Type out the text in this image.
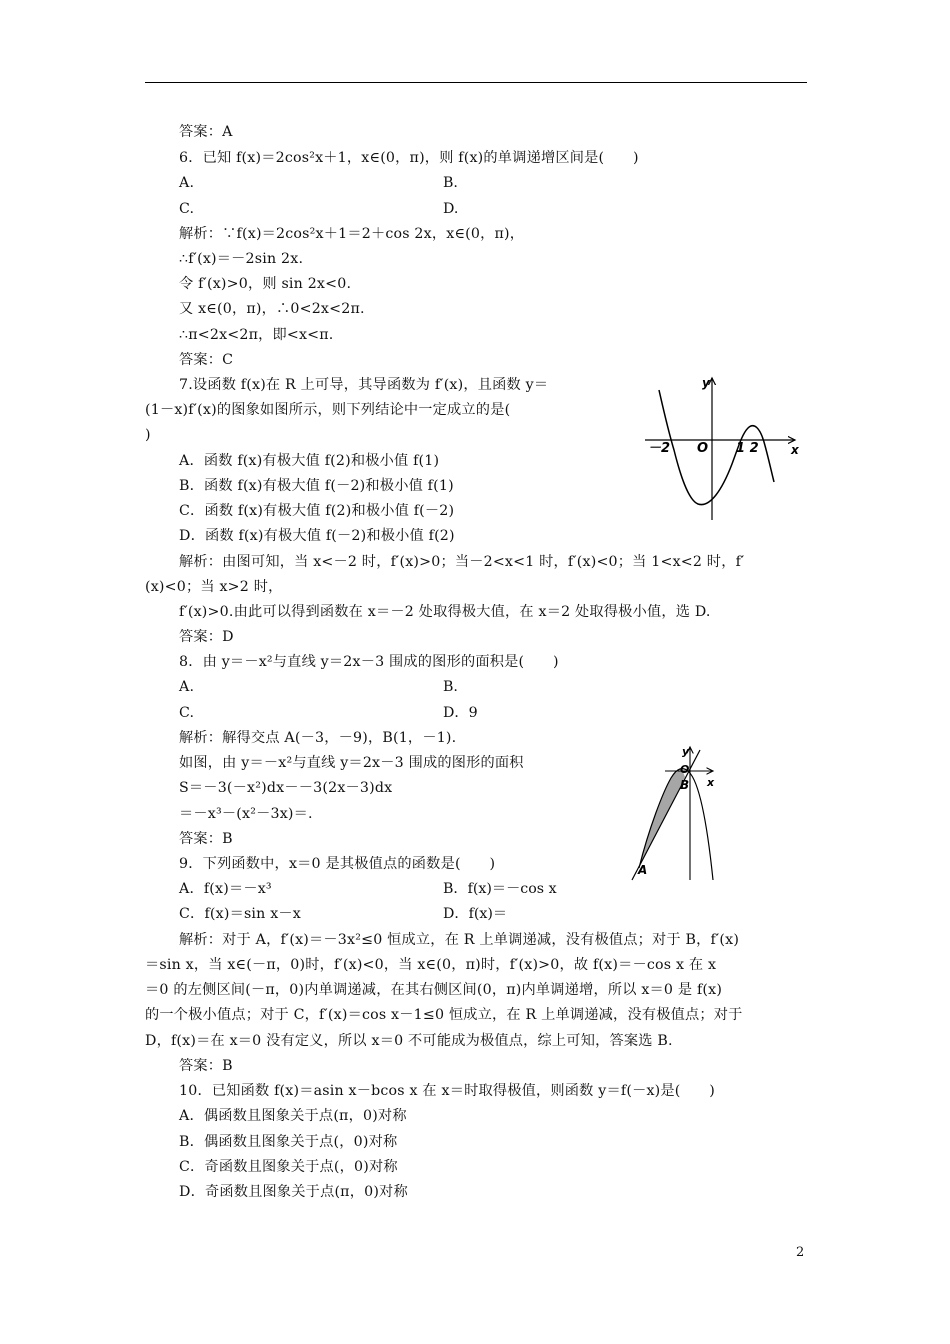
答案：A
6．已知 f(x)＝2cos²x＋1，x∈(0，π)，则 f(x)的单调递增区间是(　　)
A.	B.
C.	D.
解析：∵f(x)＝2cos²x＋1＝2＋cos 2x，x∈(0，π)，
∴f′(x)＝－2sin 2x.
令 f′(x)>0，则 sin 2x<0.
又 x∈(0，π)，∴0<2x<2π.
∴π<2x<2π，即<x<π.
答案：C
7.设函数 f(x)在 R 上可导，其导函数为 f′(x)，且函数 y＝
(1－x)f′(x)的图象如图所示，则下列结论中一定成立的是(
)
A．函数 f(x)有极大值 f(2)和极小值 f(1)
B．函数 f(x)有极大值 f(－2)和极小值 f(1)
C．函数 f(x)有极大值 f(2)和极小值 f(－2)
D．函数 f(x)有极大值 f(－2)和极小值 f(2)
解析：由图可知，当 x<－2 时，f′(x)>0；当－2<x<1 时，f′(x)<0；当 1<x<2 时，f′
(x)<0；当 x>2 时，
f′(x)>0.由此可以得到函数在 x＝－2 处取得极大值，在 x＝2 处取得极小值，选 D.
答案：D
y
x
O
－2	1 2
8．由 y＝－x²与直线 y＝2x－3 围成的图形的面积是(　　)
A.	B.
C.	D．9
解析：解得交点 A(－3，－9)，B(1，－1).
如图，由 y＝－x²与直线 y＝2x－3 围成的图形的面积
S＝－3(－x²)dx－－3(2x－3)dx
＝－x³－(x²－3x)＝.
答案：B
y
x
O
B
A
9．下列函数中，x＝0 是其极值点的函数是(　　)
A．f(x)＝－x³	B．f(x)＝－cos x
C．f(x)＝sin x－x	D．f(x)＝
解析：对于 A，f′(x)＝－3x²≤0 恒成立，在 R 上单调递减，没有极值点；对于 B，f′(x)
＝sin x，当 x∈(－π，0)时，f′(x)<0，当 x∈(0，π)时，f′(x)>0，故 f(x)＝－cos x 在 x
＝0 的左侧区间(－π，0)内单调递减，在其右侧区间(0，π)内单调递增，所以 x＝0 是 f(x)
的一个极小值点；对于 C，f′(x)＝cos x－1≤0 恒成立，在 R 上单调递减，没有极值点；对于
D，f(x)＝在 x＝0 没有定义，所以 x＝0 不可能成为极值点，综上可知，答案选 B.
答案：B
10．已知函数 f(x)＝asin x－bcos x 在 x＝时取得极值，则函数 y＝f(－x)是(　　)
A．偶函数且图象关于点(π，0)对称
B．偶函数且图象关于点(，0)对称
C．奇函数且图象关于点(，0)对称
D．奇函数且图象关于点(π，0)对称
2
